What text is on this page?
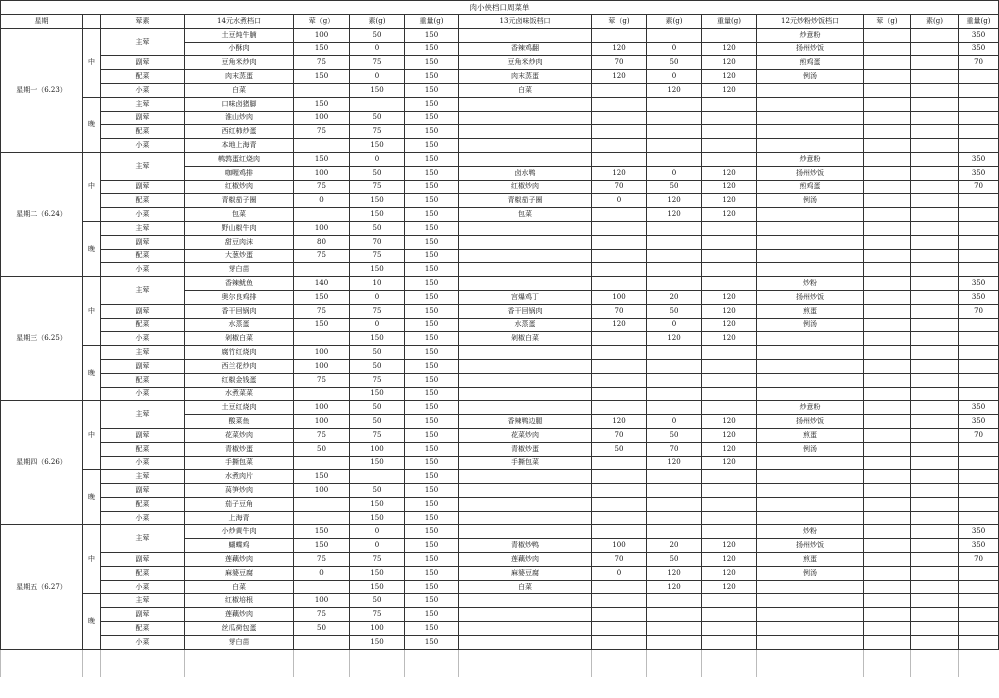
肉小侠档口周菜单														
星期		荤素	14元水煮档口	荤（g）	素(g)	重量(g)	13元卤味饭档口	荤（g)	素(g)	重量(g)	12元炒粉炒饭档口	荤（g)	素(g)	重量(g)
星期一（6.23）	中	主荤	土豆炖牛腩	100	50	150					炒意粉			350
			小酥肉	150	0	150	香辣鸡翻	120	0	120	扬州炒饭			350
		副荤	豆角米炒肉	75	75	150	豆角米炒肉	70	50	120	煎鸡蛋			70
		配菜	肉末蒸蛋	150	0	150	肉末蒸蛋	120	0	120	例汤			
		小菜	白菜		150	150	白菜		120	120				
	晚	主荤	口味卤猪脚	150		150								
		副荤	淮山炒肉	100	50	150								
		配菜	西红柿炒蛋	75	75	150								
		小菜	本地上海青		150	150								
星期二（6.24）	中	主荤	鹌鹑蛋红烧肉	150	0	150					炒意粉			350
			咖喱鸡排	100	50	150	卤水鸭	120	0	120	扬州炒饭			350
		副荤	红椒炒肉	75	75	150	红椒炒肉	70	50	120	煎鸡蛋			70
		配菜	青椒茄子圈	0	150	150	青椒茄子圈	0	120	120	例汤			
		小菜	包菜		150	150	包菜		120	120				
	晚	主荤	野山椒牛肉	100	50	150								
		副荤	甜豆肉沫	80	70	150								
		配菜	大葱炒蛋	75	75	150								
		小菜	芽白苗		150	150								
星期三（6.25）	中	主荤	香辣鱿鱼	140	10	150					炒粉			350
			奥尔良鸡排	150	0	150	宫爆鸡丁	100	20	120	扬州炒饭			350
		副荤	香干回锅肉	75	75	150	香干回锅肉	70	50	120	煎蛋			70
		配菜	水蒸蛋	150	0	150	水蒸蛋	120	0	120	例汤			
		小菜	剁椒白菜		150	150	剁椒白菜		120	120				
	晚	主荤	腐竹红烧肉	100	50	150								
		副荤	西兰花炒肉	100	50	150								
		配菜	红椒金钱蛋	75	75	150								
		小菜	水煮菜菜		150	150								
星期四（6.26）	中	主荤	土豆红烧肉	100	50	150					炒意粉			350
			酸菜鱼	100	50	150	香辣鸭边腿	120	0	120	扬州炒饭			350
		副荤	花菜炒肉	75	75	150	花菜炒肉	70	50	120	煎蛋			70
		配菜	青椒炒蛋	50	100	150	青椒炒蛋	50	70	120	例汤			
		小菜	手撕包菜		150	150	手撕包菜		120	120				
	晚	主荤	水煮肉片	150		150								
		副荤	莴笋炒肉	100	50	150								
		配菜	茄子豆角		150	150								
		小菜	上海青		150	150								
星期五（6.27）	中	主荤	小炒黄牛肉	150	0	150					炒粉			350
			蝴蝶鸡	150	0	150	青椒炒鸭	100	20	120	扬州炒饭			350
		副荤	莲藕炒肉	75	75	150	莲藕炒肉	70	50	120	煎蛋			70
		配菜	麻婆豆腐	0	150	150	麻婆豆腐	0	120	120	例汤			
		小菜	白菜		150	150	白菜		120	120				
	晚	主荤	红椒培根	100	50	150								
		副荤	莲藕炒肉	75	75	150								
		配菜	丝瓜荷包蛋	50	100	150								
		小菜	芽白苗		150	150								
